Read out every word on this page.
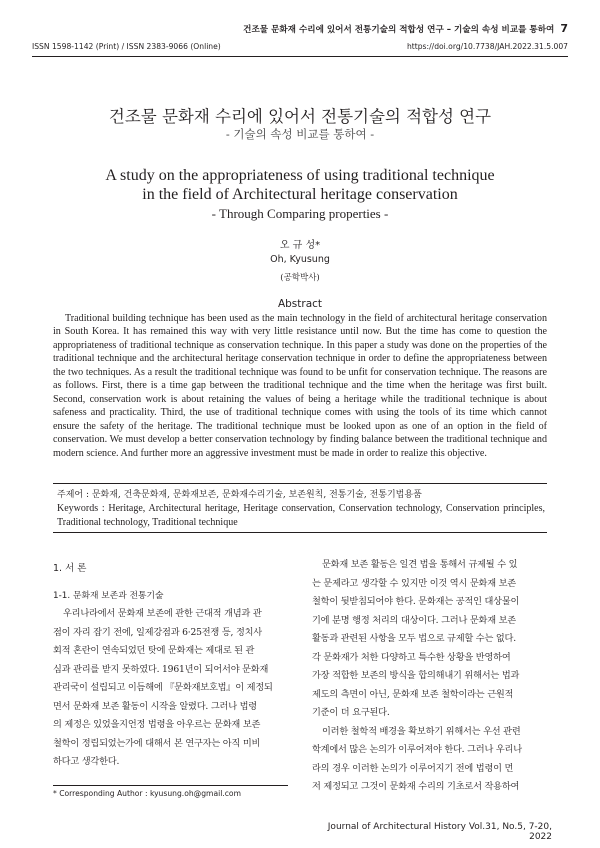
건조물 문화재 수리에 있어서 전통기술의 적합성 연구 – 기술의 속성 비교를 통하여 7
ISSN 1598-1142 (Print) / ISSN 2383-9066 (Online)	https://doi.org/10.7738/JAH.2022.31.5.007
건조물 문화재 수리에 있어서 전통기술의 적합성 연구
- 기술의 속성 비교를 통하여 -
A study on the appropriateness of using traditional technique
in the field of Architectural heritage conservation
- Through Comparing properties -
오 규 성*
Oh, Kyusung
(공학박사)
Abstract
Traditional building technique has been used as the main technology in the field of architectural heritage conservation in South Korea. It has remained this way with very little resistance until now. But the time has come to question the appropriateness of traditional technique as conservation technique. In this paper a study was done on the properties of the traditional technique and the architectural heritage conservation technique in order to define the appropriateness between the two techniques. As a result the traditional technique was found to be unfit for conservation technique. The reasons are as follows. First, there is a time gap between the traditional technique and the time when the heritage was first built. Second, conservation work is about retaining the values of being a heritage while the traditional technique is about safeness and practicality. Third, the use of traditional technique comes with using the tools of its time which cannot ensure the safety of the heritage. The traditional technique must be looked upon as one of an option in the field of conservation. We must develop a better conservation technology by finding balance between the traditional technique and modern science. And further more an aggressive investment must be made in order to realize this objective.
주제어 : 문화재, 건축문화재, 문화재보존, 문화재수리기술, 보존원칙, 전통기술, 전통기법용품
Keywords : Heritage, Architectural heritage, Heritage conservation, Conservation technology, Conservation principles, Traditional technology, Traditional technique
1. 서 론
1-1. 문화재 보존과 전통기술
우리나라에서 문화재 보존에 관한 근대적 개념과 관
점이 자리 잡기 전에, 일제강점과 6·25전쟁 등, 정치사
회적 혼란이 연속되었던 탓에 문화재는 제대로 된 관
심과 관리를 받지 못하였다. 1961년이 되어서야 문화재
관리국이 설립되고 이듬해에 『문화재보호법』이 제정되
면서 문화재 보존 활동이 시작을 알렸다. 그러나 법령
의 제정은 있었을지언정 법령을 아우르는 문화재 보존
철학이 정립되었는가에 대해서 본 연구자는 아직 미비
하다고 생각한다.
문화재 보존 활동은 일견 법을 통해서 규제될 수 있
는 문제라고 생각할 수 있지만 이것 역시 문화재 보존
철학이 뒷받침되어야 한다. 문화재는 공적인 대상물이
기에 분명 행정 처리의 대상이다. 그러나 문화재 보존
활동과 관련된 사항을 모두 법으로 규제할 수는 없다.
각 문화재가 처한 다양하고 특수한 상황을 반영하여
가장 적합한 보존의 방식을 합의해내기 위해서는 법과
제도의 측면이 아닌, 문화재 보존 철학이라는 근원적
기준이 더 요구된다.
이러한 철학적 배경을 확보하기 위해서는 우선 관련
학계에서 많은 논의가 이루어져야 한다. 그러나 우리나
라의 경우 이러한 논의가 이루어지기 전에 법령이 먼
저 제정되고 그것이 문화재 수리의 기초로서 작용하여
* Corresponding Author : kyusung.oh@gmail.com
Journal of Architectural History Vol.31, No.5, 7-20, 2022
